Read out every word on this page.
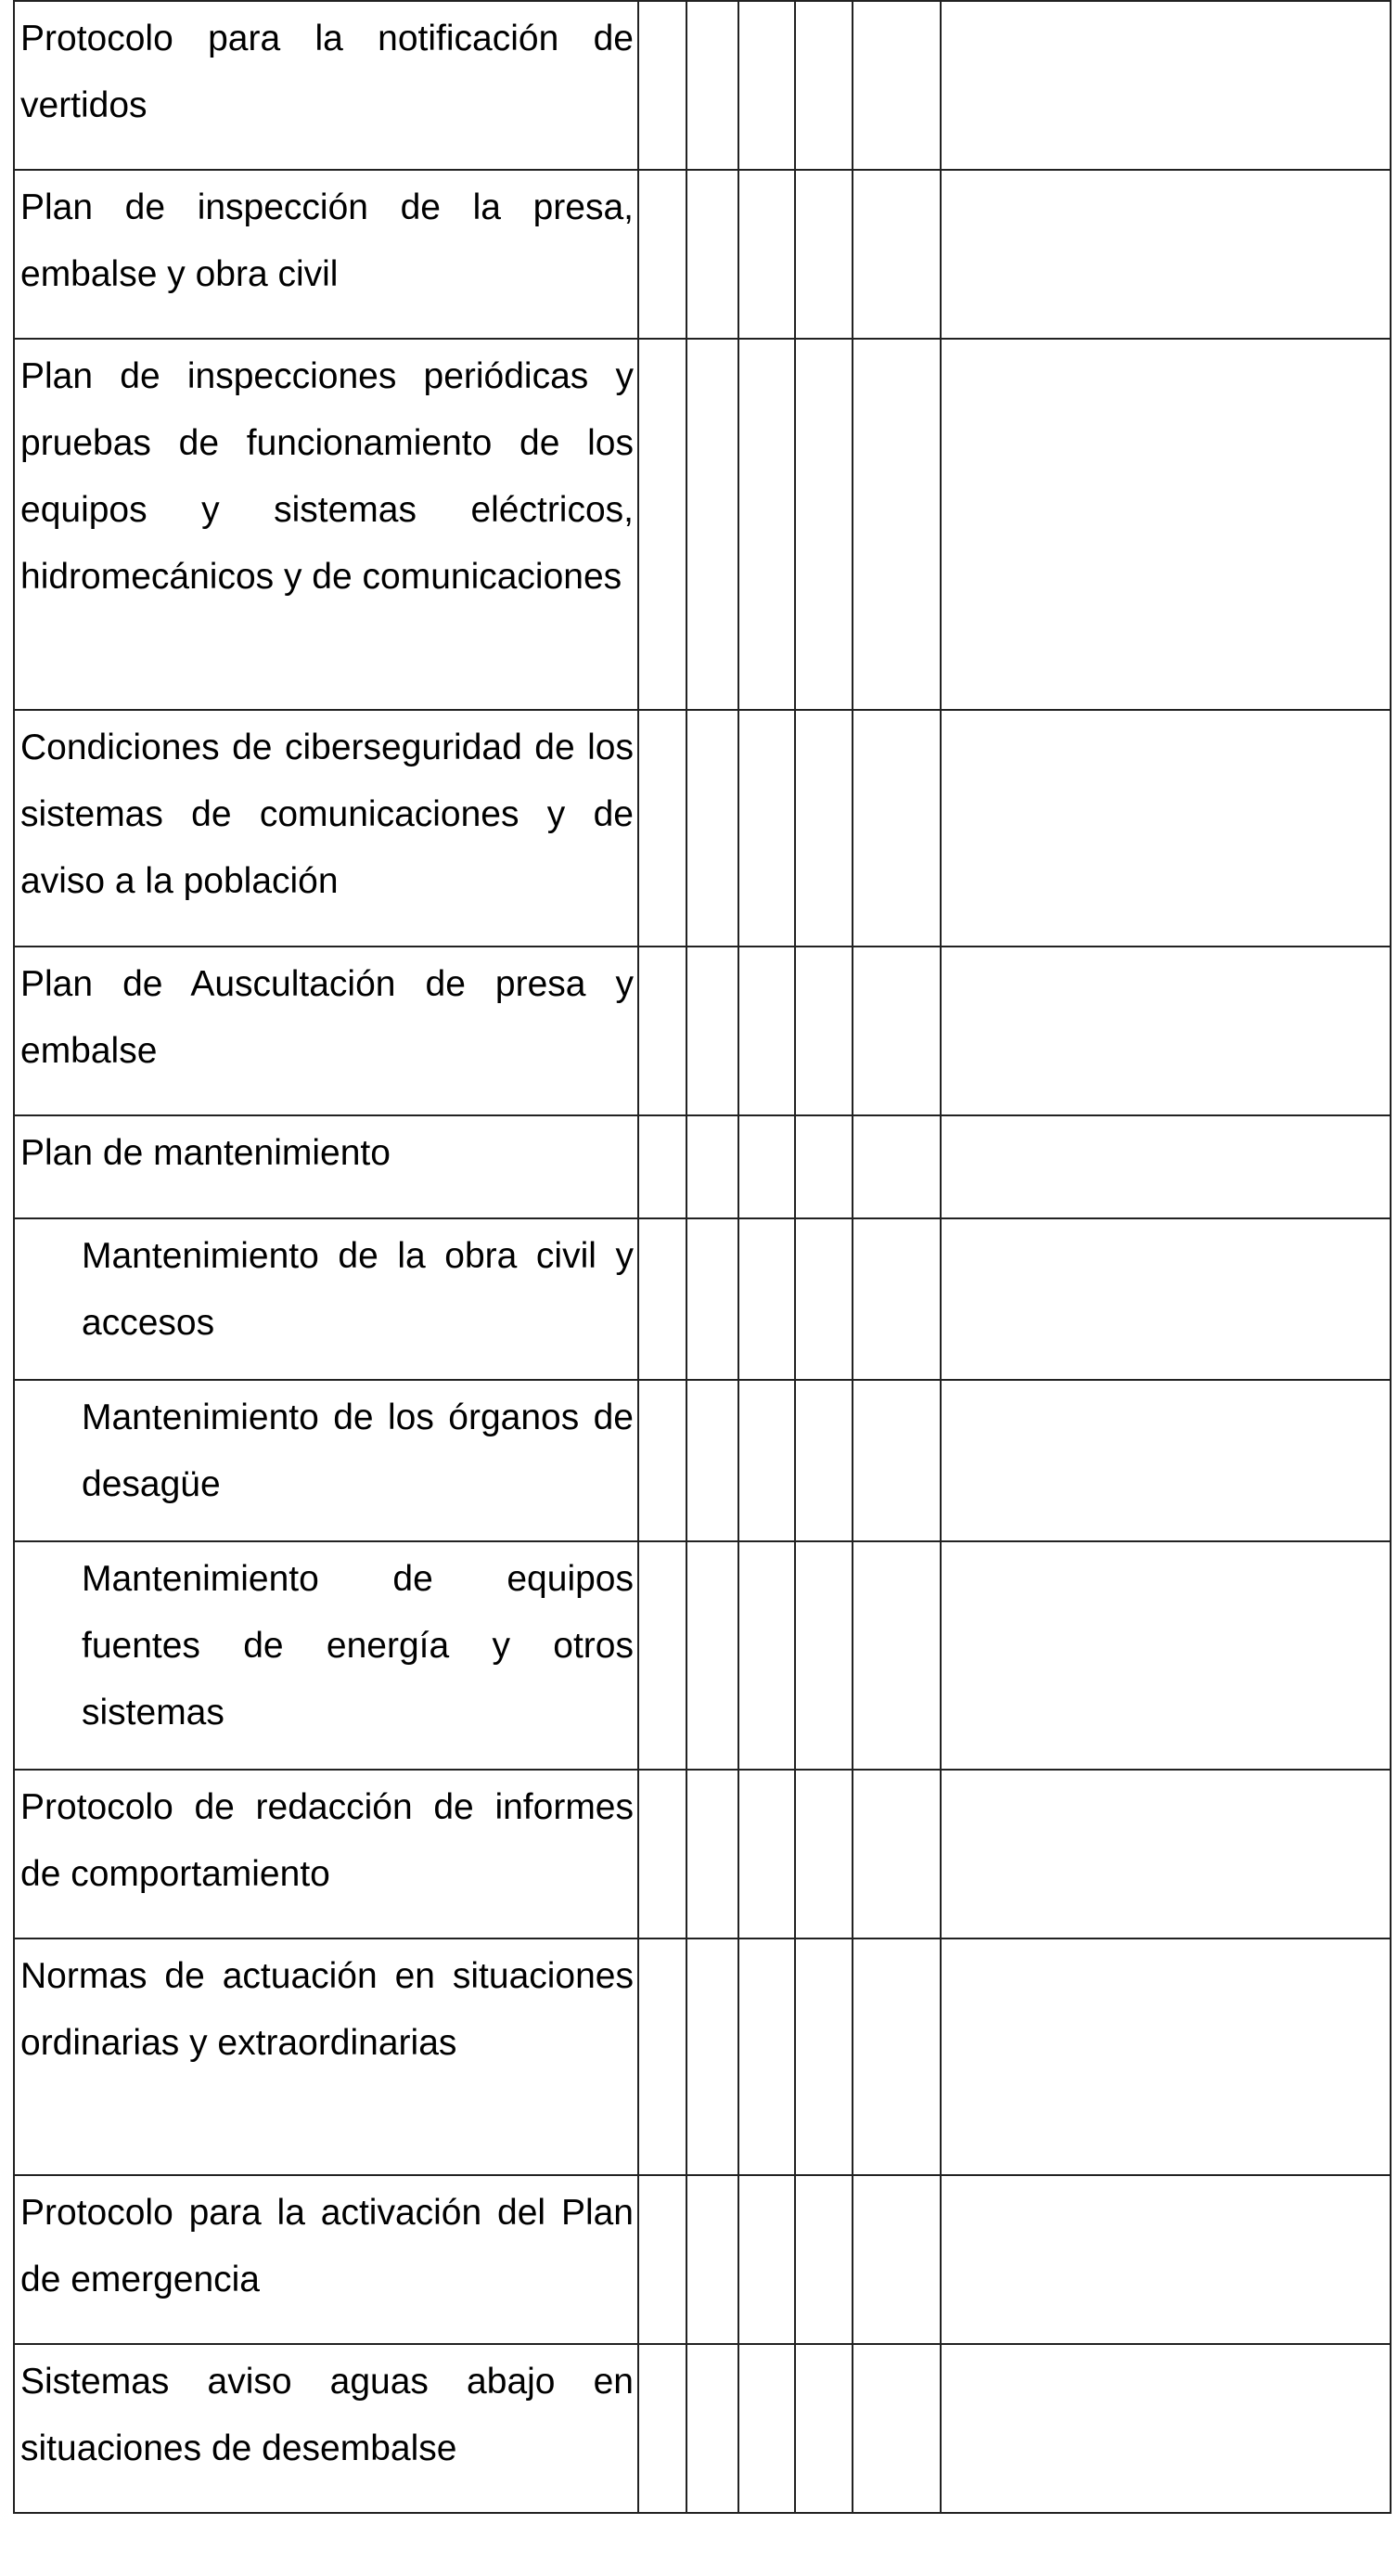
Protocolo para la notificación de vertidos						
Plan de inspección de la presa, embalse y obra civil						
Plan de inspecciones periódicas y pruebas de funcionamiento de los equipos y sistemas eléctricos, hidromecánicos y de comunicaciones						
Condiciones de ciberseguridad de los sistemas de comunicaciones y de aviso a la población						
Plan de Auscultación de presa y embalse						
Plan de mantenimiento						
Mantenimiento de la obra civil y accesos						
Mantenimiento de los órganos de desagüe						
Mantenimiento de equipos fuentes de energía y otros sistemas						
Protocolo de redacción de informes de comportamiento						
Normas de actuación en situaciones ordinarias y extraordinarias						
Protocolo para la activación del Plan de emergencia						
Sistemas aviso aguas abajo en situaciones de desembalse						
